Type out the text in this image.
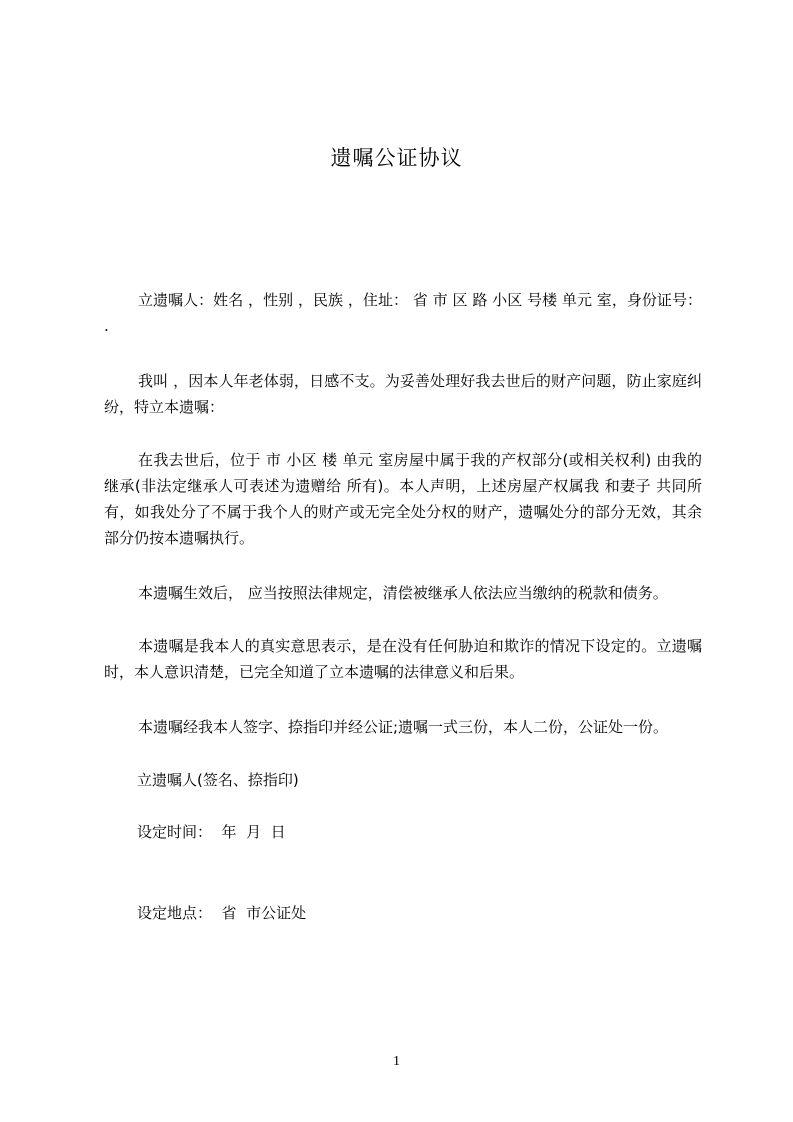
遗嘱公证协议

立遗嘱人：姓名 ，性别 ，民族 ，住址： 省 市 区 路 小区 号楼 单元 室，身份证号： .

我叫 ，因本人年老体弱，日感不支。为妥善处理好我去世后的财产问题，防止家庭纠纷，特立本遗嘱：

在我去世后，位于 市 小区 楼 单元 室房屋中属于我的产权部分(或相关权利) 由我的 继承(非法定继承人可表述为遗赠给 所有)。本人声明，上述房屋产权属我 和妻子 共同所有，如我处分了不属于我个人的财产或无完全处分权的财产，遗嘱处分的部分无效，其余部分仍按本遗嘱执行。

本遗嘱生效后， 应当按照法律规定，清偿被继承人依法应当缴纳的税款和债务。

本遗嘱是我本人的真实意思表示，是在没有任何胁迫和欺诈的情况下设定的。立遗嘱时，本人意识清楚，已完全知道了立本遗嘱的法律意义和后果。

本遗嘱经我本人签字、捺指印并经公证;遗嘱一式三份，本人二份，公证处一份。

立遗嘱人(签名、捺指印)

设定时间：  年  月  日

设定地点：  省  市公证处

1
